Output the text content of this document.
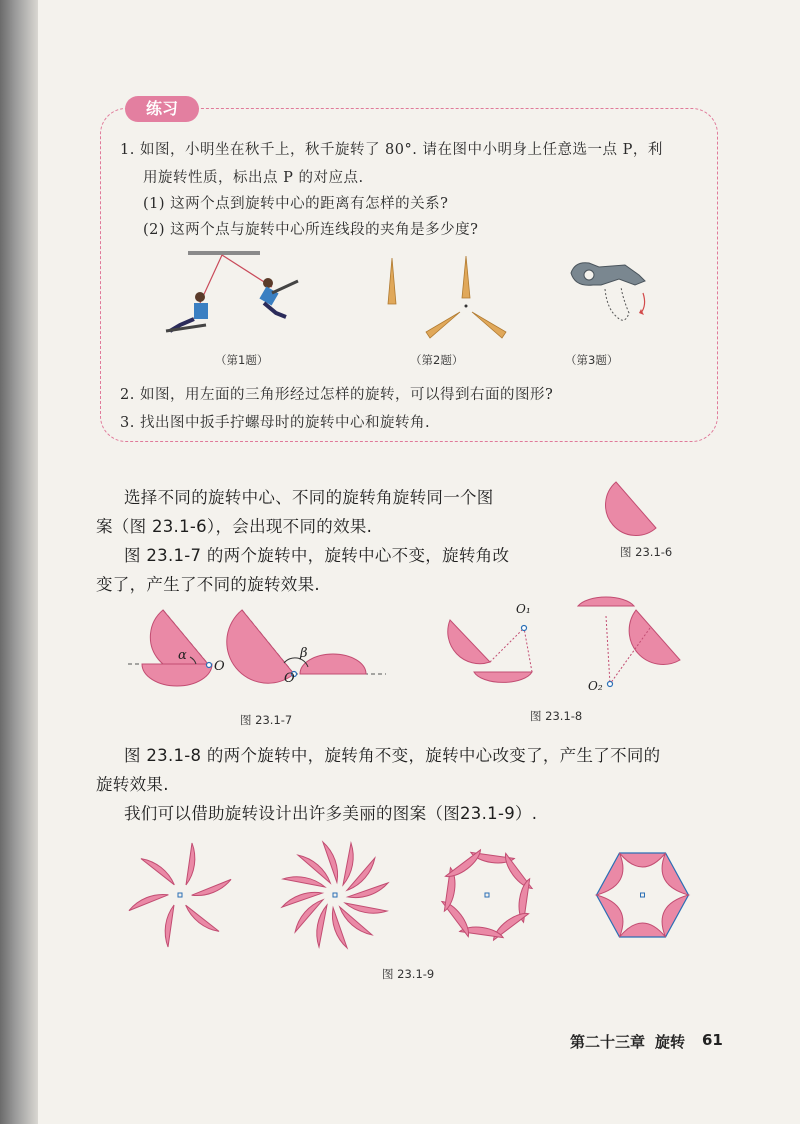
练习
1. 如图，小明坐在秋千上，秋千旋转了 80°. 请在图中小明身上任意选一点 P，利
用旋转性质，标出点 P 的对应点.
(1) 这两个点到旋转中心的距离有怎样的关系?
(2) 这两个点与旋转中心所连线段的夹角是多少度?
（第1题）	（第2题）	（第3题）
2. 如图，用左面的三角形经过怎样的旋转，可以得到右面的图形?
3. 找出图中扳手拧螺母时的旋转中心和旋转角.
选择不同的旋转中心、不同的旋转角旋转同一个图
案（图 23.1-6），会出现不同的效果.
图 23.1-7 的两个旋转中，旋转中心不变，旋转角改
变了，产生了不同的旋转效果.
图 23.1-6
α
O
β
O
图 23.1-7
O₁
O₂
图 23.1-8
图 23.1-8 的两个旋转中，旋转角不变，旋转中心改变了，产生了不同的
旋转效果.
我们可以借助旋转设计出许多美丽的图案（图23.1-9）.
图 23.1-9
第二十三章 旋转 61
